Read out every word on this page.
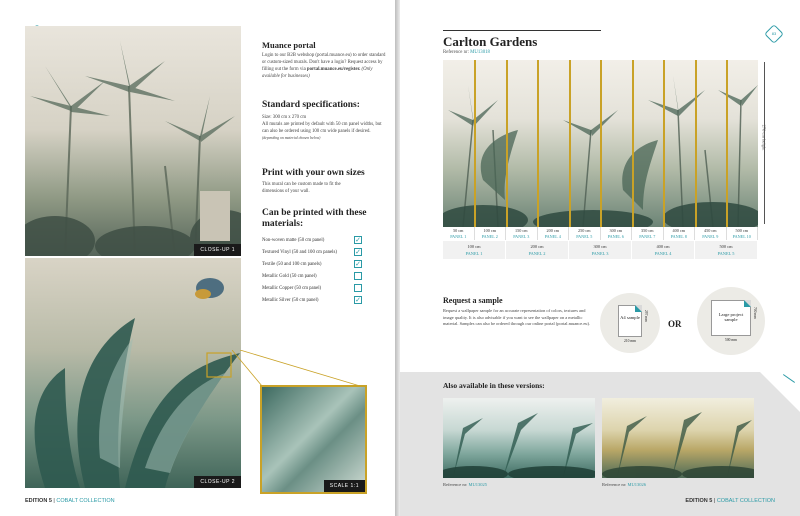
CLOSE-UP 1
CLOSE-UP 2
SCALE 1:1
Muance portal
Login to our B2B webshop (portal.muance.eu) to order standard or custom-sized murals. Don't have a login? Request access by filling out the form via portal.muance.eu/register. (Only available for businesses)
Standard specifications:
Size: 300 cm x 270 cm
All murals are printed by default with 50 cm panel widths, but can also be ordered using 100 cm wide panels if desired.
(depending on material chosen below)
Print with your own sizes
This mural can be custom made to fit the dimensions of your wall.
Can be printed with these materials:
Non-woven matte (50 cm panel)	✓
Textured Vinyl (50 and 100 cm panels)	✓
Textile (50 and 100 cm panels)	✓
Metallic Gold (50 cm panel)
Metallic Copper (50 cm panel)
Metallic Silver (50 cm panel)	✓
EDITION 5 | COBALT COLLECTION
83
Carlton Gardens
Reference nr: MU13018
270 cm height
50 cm
PANEL 1
100 cm
PANEL 2
150 cm
PANEL 3
200 cm
PANEL 4
250 cm
PANEL 5
300 cm
PANEL 6
350 cm
PANEL 7
400 cm
PANEL 8
450 cm
PANEL 9
500 cm
PANEL 10
100 cm
PANEL 1
200 cm
PANEL 2
300 cm
PANEL 3
400 cm
PANEL 4
500 cm
PANEL 5
Request a sample
Request a wallpaper sample for an accurate representation of colors, textures and image quality. It is also advisable if you want to see the wallpaper on a metallic material. Samples can also be ordered through our online portal (portal.muance.eu).
A4 sample
210 mm
297 mm
OR
Large project sample
500 mm
700 mm
Also available in these versions:
Reference nr: MU13025	Reference nr: MU13026
EDITION 5 | COBALT COLLECTION
